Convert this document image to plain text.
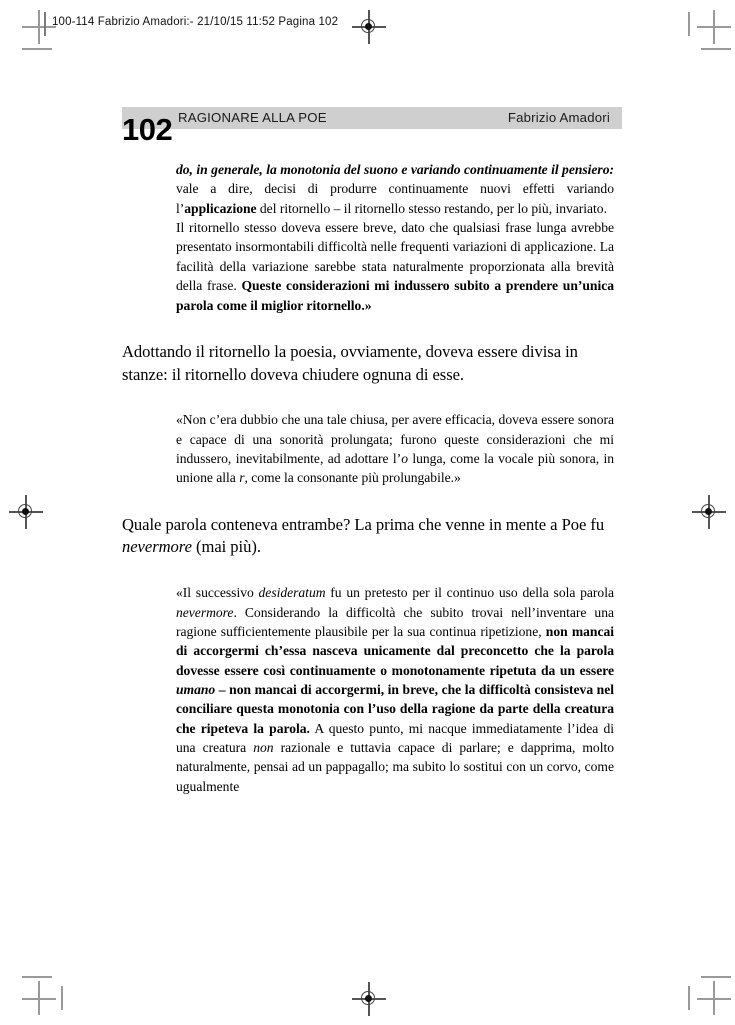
100-114 Fabrizio Amadori:- 21/10/15 11:52 Pagina 102
RAGIONARE ALLA POE	Fabrizio Amadori
102

do, in generale, la monotonia del suono e variando continuamente il pensiero: vale a dire, decisi di produrre continuamente nuovi effetti variando l’applicazione del ritornello – il ritornello stesso restando, per lo più, invariato.

Il ritornello stesso doveva essere breve, dato che qualsiasi frase lunga avrebbe presentato insormontabili difficoltà nelle frequenti variazioni di applicazione. La facilità della variazione sarebbe stata naturalmente proporzionata alla brevità della frase. Queste considerazioni mi indussero subito a prendere un’unica parola come il miglior ritornello.»

Adottando il ritornello la poesia, ovviamente, doveva essere divisa in stanze: il ritornello doveva chiudere ognuna di esse.

«Non c’era dubbio che una tale chiusa, per avere efficacia, doveva essere sonora e capace di una sonorità prolungata; furono queste considerazioni che mi indussero, inevitabilmente, ad adottare l’o lunga, come la vocale più sonora, in unione alla r, come la consonante più prolungabile.»

Quale parola conteneva entrambe? La prima che venne in mente a Poe fu nevermore (mai più).

«Il successivo desideratum fu un pretesto per il continuo uso della sola parola nevermore. Considerando la difficoltà che subito trovai nell’inventare una ragione sufficientemente plausibile per la sua continua ripetizione, non mancai di accorgermi ch’essa nasceva unicamente dal preconcetto che la parola dovesse essere così continuamente o monotonamente ripetuta da un essere umano – non mancai di accorgermi, in breve, che la difficoltà consisteva nel conciliare questa monotonia con l’uso della ragione da parte della creatura che ripeteva la parola. A questo punto, mi nacque immediatamente l’idea di una creatura non razionale e tuttavia capace di parlare; e dapprima, molto naturalmente, pensai ad un pappagallo; ma subito lo sostitui con un corvo, come ugualmente
